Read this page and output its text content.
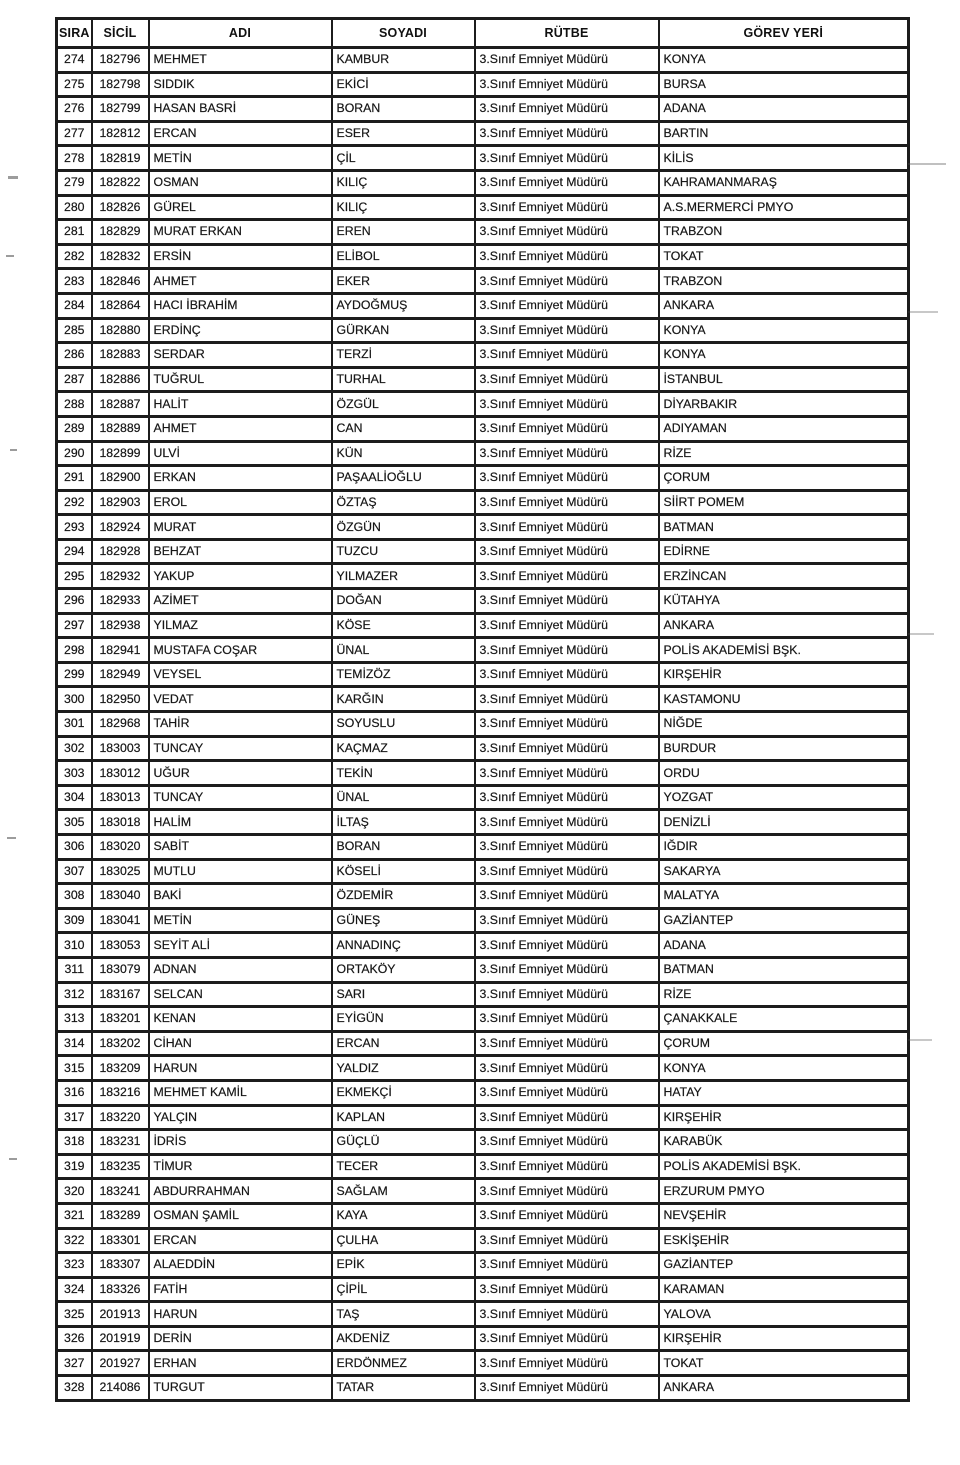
SIRA	SİCİL	ADI	SOYADI	RÜTBE	GÖREV YERİ
274	182796	MEHMET	KAMBUR	3.Sınıf Emniyet Müdürü	KONYA
275	182798	SIDDIK	EKİCİ	3.Sınıf Emniyet Müdürü	BURSA
276	182799	HASAN BASRİ	BORAN	3.Sınıf Emniyet Müdürü	ADANA
277	182812	ERCAN	ESER	3.Sınıf Emniyet Müdürü	BARTIN
278	182819	METİN	ÇİL	3.Sınıf Emniyet Müdürü	KİLİS
279	182822	OSMAN	KILIÇ	3.Sınıf Emniyet Müdürü	KAHRAMANMARAŞ
280	182826	GÜREL	KILIÇ	3.Sınıf Emniyet Müdürü	A.S.MERMERCİ PMYO
281	182829	MURAT ERKAN	EREN	3.Sınıf Emniyet Müdürü	TRABZON
282	182832	ERSİN	ELİBOL	3.Sınıf Emniyet Müdürü	TOKAT
283	182846	AHMET	EKER	3.Sınıf Emniyet Müdürü	TRABZON
284	182864	HACI İBRAHİM	AYDOĞMUŞ	3.Sınıf Emniyet Müdürü	ANKARA
285	182880	ERDİNÇ	GÜRKAN	3.Sınıf Emniyet Müdürü	KONYA
286	182883	SERDAR	TERZİ	3.Sınıf Emniyet Müdürü	KONYA
287	182886	TUĞRUL	TURHAL	3.Sınıf Emniyet Müdürü	İSTANBUL
288	182887	HALİT	ÖZGÜL	3.Sınıf Emniyet Müdürü	DİYARBAKIR
289	182889	AHMET	CAN	3.Sınıf Emniyet Müdürü	ADIYAMAN
290	182899	ULVİ	KÜN	3.Sınıf Emniyet Müdürü	RİZE
291	182900	ERKAN	PAŞAALİOĞLU	3.Sınıf Emniyet Müdürü	ÇORUM
292	182903	EROL	ÖZTAŞ	3.Sınıf Emniyet Müdürü	SİİRT POMEM
293	182924	MURAT	ÖZGÜN	3.Sınıf Emniyet Müdürü	BATMAN
294	182928	BEHZAT	TUZCU	3.Sınıf Emniyet Müdürü	EDİRNE
295	182932	YAKUP	YILMAZER	3.Sınıf Emniyet Müdürü	ERZİNCAN
296	182933	AZİMET	DOĞAN	3.Sınıf Emniyet Müdürü	KÜTAHYA
297	182938	YILMAZ	KÖSE	3.Sınıf Emniyet Müdürü	ANKARA
298	182941	MUSTAFA COŞAR	ÜNAL	3.Sınıf Emniyet Müdürü	POLİS AKADEMİSİ BŞK.
299	182949	VEYSEL	TEMİZÖZ	3.Sınıf Emniyet Müdürü	KIRŞEHİR
300	182950	VEDAT	KARĞIN	3.Sınıf Emniyet Müdürü	KASTAMONU
301	182968	TAHİR	SOYUSLU	3.Sınıf Emniyet Müdürü	NİĞDE
302	183003	TUNCAY	KAÇMAZ	3.Sınıf Emniyet Müdürü	BURDUR
303	183012	UĞUR	TEKİN	3.Sınıf Emniyet Müdürü	ORDU
304	183013	TUNCAY	ÜNAL	3.Sınıf Emniyet Müdürü	YOZGAT
305	183018	HALİM	İLTAŞ	3.Sınıf Emniyet Müdürü	DENİZLİ
306	183020	SABİT	BORAN	3.Sınıf Emniyet Müdürü	IĞDIR
307	183025	MUTLU	KÖSELİ	3.Sınıf Emniyet Müdürü	SAKARYA
308	183040	BAKİ	ÖZDEMİR	3.Sınıf Emniyet Müdürü	MALATYA
309	183041	METİN	GÜNEŞ	3.Sınıf Emniyet Müdürü	GAZİANTEP
310	183053	SEYİT ALİ	ANNADINÇ	3.Sınıf Emniyet Müdürü	ADANA
311	183079	ADNAN	ORTAKÖY	3.Sınıf Emniyet Müdürü	BATMAN
312	183167	SELCAN	SARI	3.Sınıf Emniyet Müdürü	RİZE
313	183201	KENAN	EYİGÜN	3.Sınıf Emniyet Müdürü	ÇANAKKALE
314	183202	CİHAN	ERCAN	3.Sınıf Emniyet Müdürü	ÇORUM
315	183209	HARUN	YALDIZ	3.Sınıf Emniyet Müdürü	KONYA
316	183216	MEHMET KAMİL	EKMEKÇİ	3.Sınıf Emniyet Müdürü	HATAY
317	183220	YALÇIN	KAPLAN	3.Sınıf Emniyet Müdürü	KIRŞEHİR
318	183231	İDRİS	GÜÇLÜ	3.Sınıf Emniyet Müdürü	KARABÜK
319	183235	TİMUR	TECER	3.Sınıf Emniyet Müdürü	POLİS AKADEMİSİ BŞK.
320	183241	ABDURRAHMAN	SAĞLAM	3.Sınıf Emniyet Müdürü	ERZURUM PMYO
321	183289	OSMAN ŞAMİL	KAYA	3.Sınıf Emniyet Müdürü	NEVŞEHİR
322	183301	ERCAN	ÇULHA	3.Sınıf Emniyet Müdürü	ESKİŞEHİR
323	183307	ALAEDDİN	EPİK	3.Sınıf Emniyet Müdürü	GAZİANTEP
324	183326	FATİH	ÇİPİL	3.Sınıf Emniyet Müdürü	KARAMAN
325	201913	HARUN	TAŞ	3.Sınıf Emniyet Müdürü	YALOVA
326	201919	DERİN	AKDENİZ	3.Sınıf Emniyet Müdürü	KIRŞEHİR
327	201927	ERHAN	ERDÖNMEZ	3.Sınıf Emniyet Müdürü	TOKAT
328	214086	TURGUT	TATAR	3.Sınıf Emniyet Müdürü	ANKARA
